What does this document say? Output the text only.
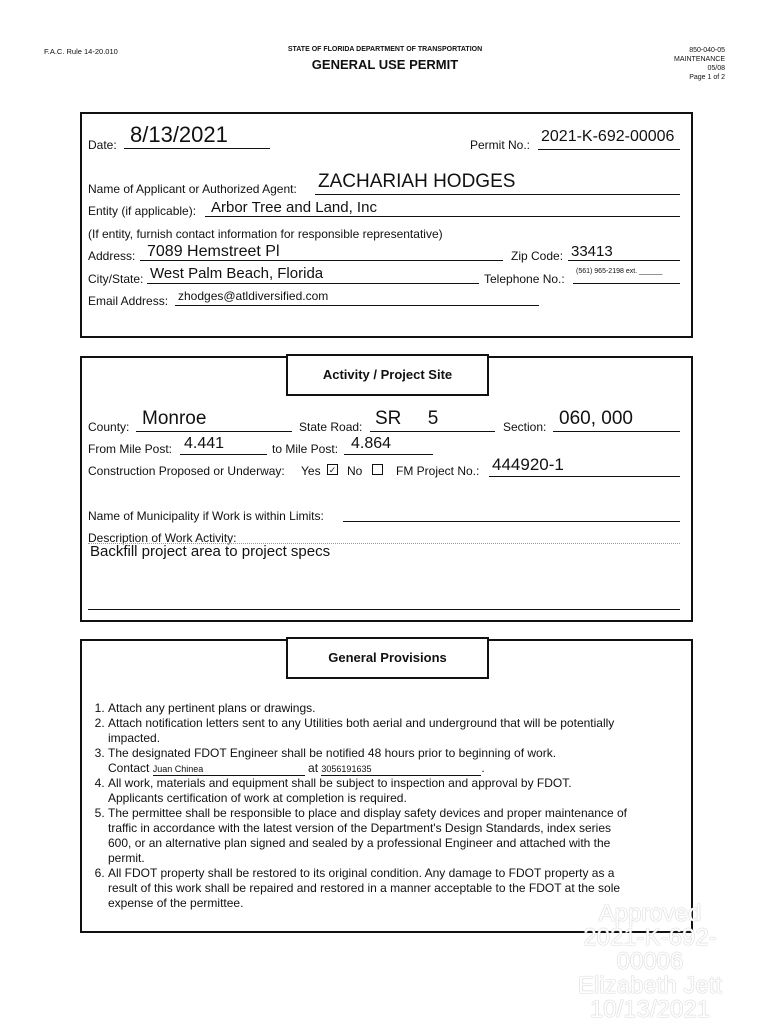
F.A.C. Rule 14-20.010	STATE OF FLORIDA DEPARTMENT OF TRANSPORTATION
GENERAL USE PERMIT
850-040-05
MAINTENANCE
05/08
Page 1 of 2
Date: 8/13/2021	Permit No.: 2021-K-692-00006
Name of Applicant or Authorized Agent: ZACHARIAH HODGES
Entity (if applicable): Arbor Tree and Land, Inc
(If entity, furnish contact information for responsible representative)
Address: 7089 Hemstreet Pl	Zip Code: 33413
City/State: West Palm Beach, Florida	Telephone No.:
(561) 965-2198 ext. ______
Email Address: zhodges@atldiversified.com
Activity / Project Site
County: Monroe	State Road: SR     5	Section: 060, 000
From Mile Post: 4.441	to Mile Post: 4.864
Construction Proposed or Underway: Yes ✓ No	FM Project No.: 444920-1
Name of Municipality if Work is within Limits:
Description of Work Activity:
Backfill project area to project specs
General Provisions
1. Attach any pertinent plans or drawings.
2. Attach notification letters sent to any Utilities both aerial and underground that will be potentially impacted.
3. The designated FDOT Engineer shall be notified 48 hours prior to beginning of work.
Contact Juan Chinea	at 3056191635	.
4. All work, materials and equipment shall be subject to inspection and approval by FDOT. Applicants certification of work at completion is required.
5. The permittee shall be responsible to place and display safety devices and proper maintenance of traffic in accordance with the latest version of the Department's Design Standards, index series 600, or an alternative plan signed and sealed by a professional Engineer and attached with the permit.
6. All FDOT property shall be restored to its original condition. Any damage to FDOT property as a result of this work shall be repaired and restored in a manner acceptable to the FDOT at the sole expense of the permittee.	Approved
2021-K-692-00006
Elizabeth Jett
10/13/2021
